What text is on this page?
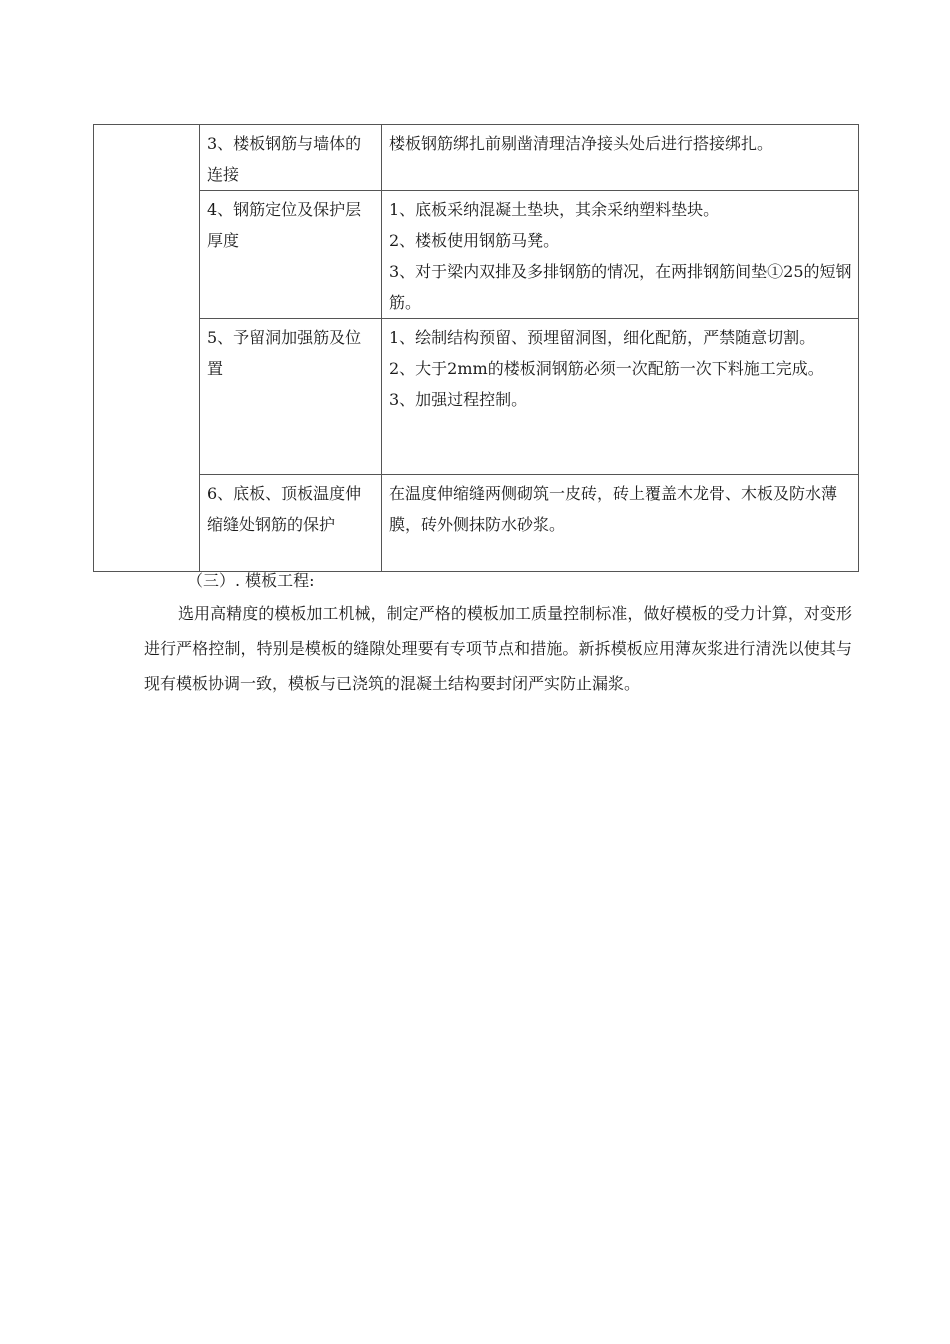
	3、楼板钢筋与墙体的连接	楼板钢筋绑扎前剔凿清理洁净接头处后进行搭接绑扎。

	4、钢筋定位及保护层厚度	1、底板采纳混凝土垫块，其余采纳塑料垫块。
2、楼板使用钢筋马凳。
3、对于梁内双排及多排钢筋的情况，在两排钢筋间垫①25的短钢筋。

	5、予留洞加强筋及位置	1、绘制结构预留、预埋留洞图，细化配筋，严禁随意切割。
2、大于2mm的楼板洞钢筋必须一次配筋一次下料施工完成。
3、加强过程控制。

	6、底板、顶板温度伸缩缝处钢筋的保护	在温度伸缩缝两侧砌筑一皮砖，砖上覆盖木龙骨、木板及防水薄膜，砖外侧抹防水砂浆。
（三）. 模板工程:

选用高精度的模板加工机械，制定严格的模板加工质量控制标准，做好模板的受力计算，对变形进行严格控制，特别是模板的缝隙处理要有专项节点和措施。新拆模板应用薄灰浆进行清洗以使其与现有模板协调一致，模板与已浇筑的混凝土结构要封闭严实防止漏浆。
